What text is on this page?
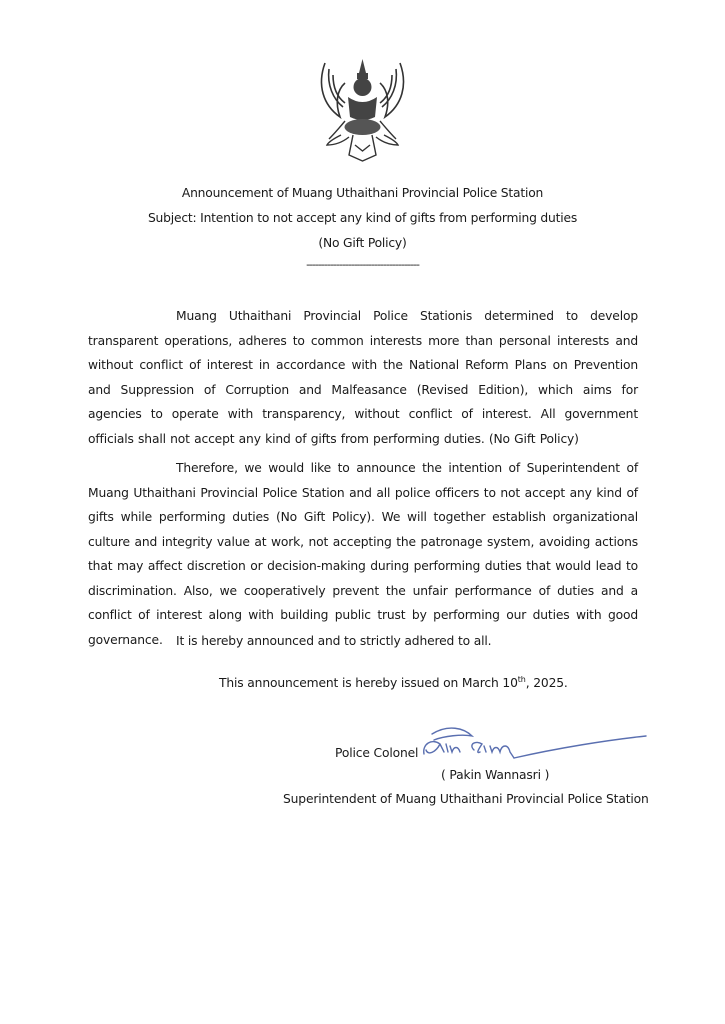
Announcement of Muang Uthaithani Provincial Police Station
Subject: Intention to not accept any kind of gifts from performing duties
(No Gift Policy)
--------------------------------------
Muang Uthaithani Provincial Police Stationis determined to develop transparent operations, adheres to common interests more than personal interests and without conflict of interest in accordance with the National Reform Plans on Prevention and Suppression of Corruption and Malfeasance (Revised Edition), which aims for agencies to operate with transparency, without conflict of interest. All government officials shall not accept any kind of gifts from performing duties. (No Gift Policy)
Therefore, we would like to announce the intention of Superintendent of Muang Uthaithani Provincial Police Station and all police officers to not accept any kind of gifts while performing duties (No Gift Policy). We will together establish organizational culture and integrity value at work, not accepting the patronage system, avoiding actions that may affect discretion or decision-making during performing duties that would lead to discrimination. Also, we cooperatively prevent the unfair performance of duties and a conflict of interest along with building public trust by performing our duties with good governance.	It is hereby announced and to strictly adhered to all.
This announcement is hereby issued on March 10th, 2025.
Police Colonel
( Pakin Wannasri )
Superintendent of Muang Uthaithani Provincial Police Station
